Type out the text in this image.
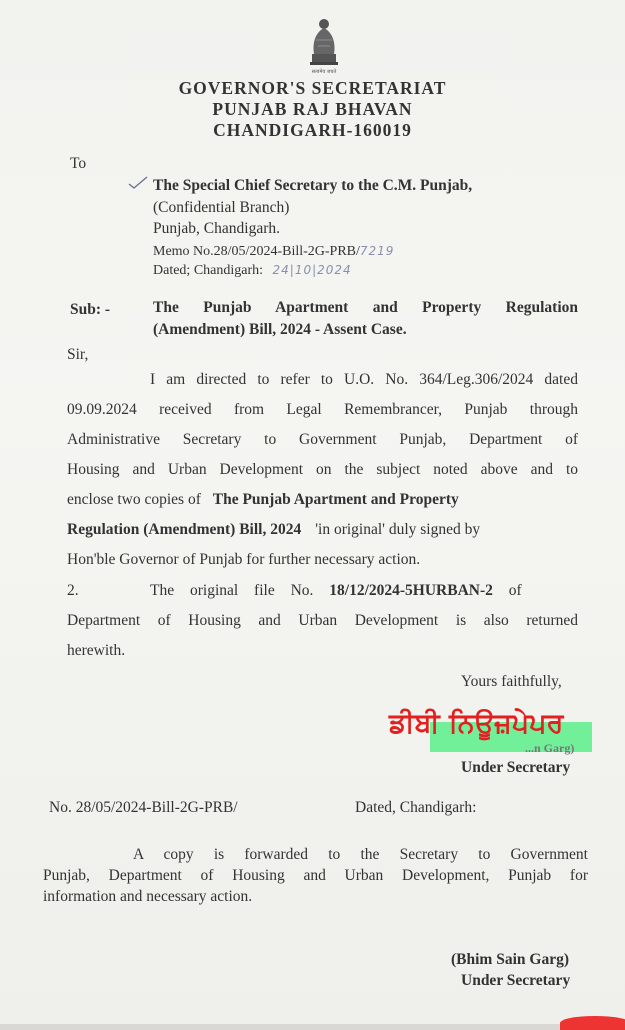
सत्यमेव जयते
GOVERNOR'S SECRETARIAT
PUNJAB RAJ BHAVAN
CHANDIGARH-160019
To
The Special Chief Secretary to the C.M. Punjab,
(Confidential Branch)
Punjab, Chandigarh.
Memo No.28/05/2024-Bill-2G-PRB/7219
Dated; Chandigarh: 24|10|2024
Sub: -	The Punjab Apartment and Property Regulation
(Amendment) Bill, 2024 - Assent Case.
Sir,
I am directed to refer to U.O. No. 364/Leg.306/2024 dated
09.09.2024 received from Legal Remembrancer, Punjab through
Administrative Secretary to Government Punjab, Department of
Housing and Urban Development on the subject noted above and to
enclose two copies of The Punjab Apartment and Property
Regulation (Amendment) Bill, 2024 'in original' duly signed by
Hon'ble Governor of Punjab for further necessary action.
2.	The original file No. 18/12/2024-5HURBAN-2 of
Department of Housing and Urban Development is also returned
herewith.
Yours faithfully,
ਡੀਬੀ ਨਿਊਜ਼ਪੇਪਰ
...n Garg)
Under Secretary
No. 28/05/2024-Bill-2G-PRB/	Dated, Chandigarh:
A copy is forwarded to the Secretary to Government
Punjab, Department of Housing and Urban Development, Punjab for
information and necessary action.
(Bhim Sain Garg)
Under Secretary
